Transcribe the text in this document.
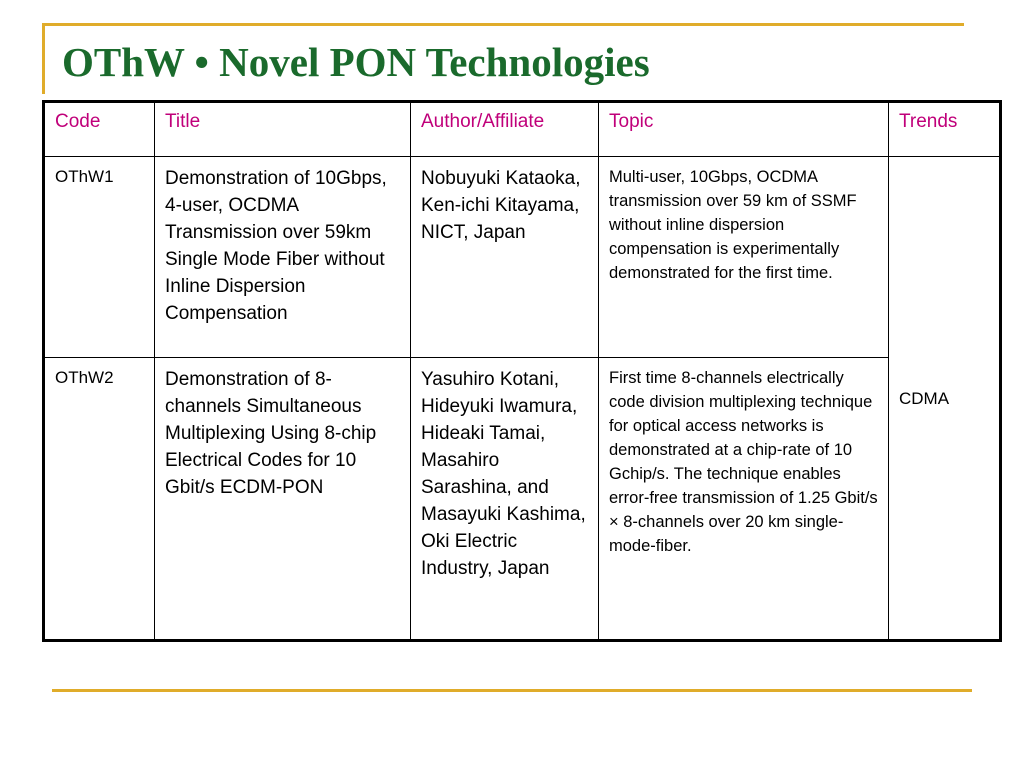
OThW • Novel PON Technologies
Code	Title	Author/Affiliate	Topic	Trends
OThW1	Demonstration of 10Gbps, 4-user, OCDMA Transmission over 59km Single Mode Fiber without Inline Dispersion Compensation	Nobuyuki Kataoka, Ken-ichi Kitayama, NICT, Japan	Multi-user, 10Gbps, OCDMA transmission over 59 km of SSMF without inline dispersion compensation is experimentally demonstrated for the first time.	CDMA
OThW2	Demonstration of 8-channels Simultaneous Multiplexing Using 8-chip Electrical Codes for 10 Gbit/s ECDM-PON	Yasuhiro Kotani, Hideyuki Iwamura, Hideaki Tamai, Masahiro Sarashina, and Masayuki Kashima, Oki Electric Industry, Japan	First time 8-channels electrically code division multiplexing technique for optical access networks is demonstrated at a chip-rate of 10 Gchip/s. The technique enables error-free transmission of 1.25 Gbit/s × 8-channels over 20 km single-mode-fiber.	
